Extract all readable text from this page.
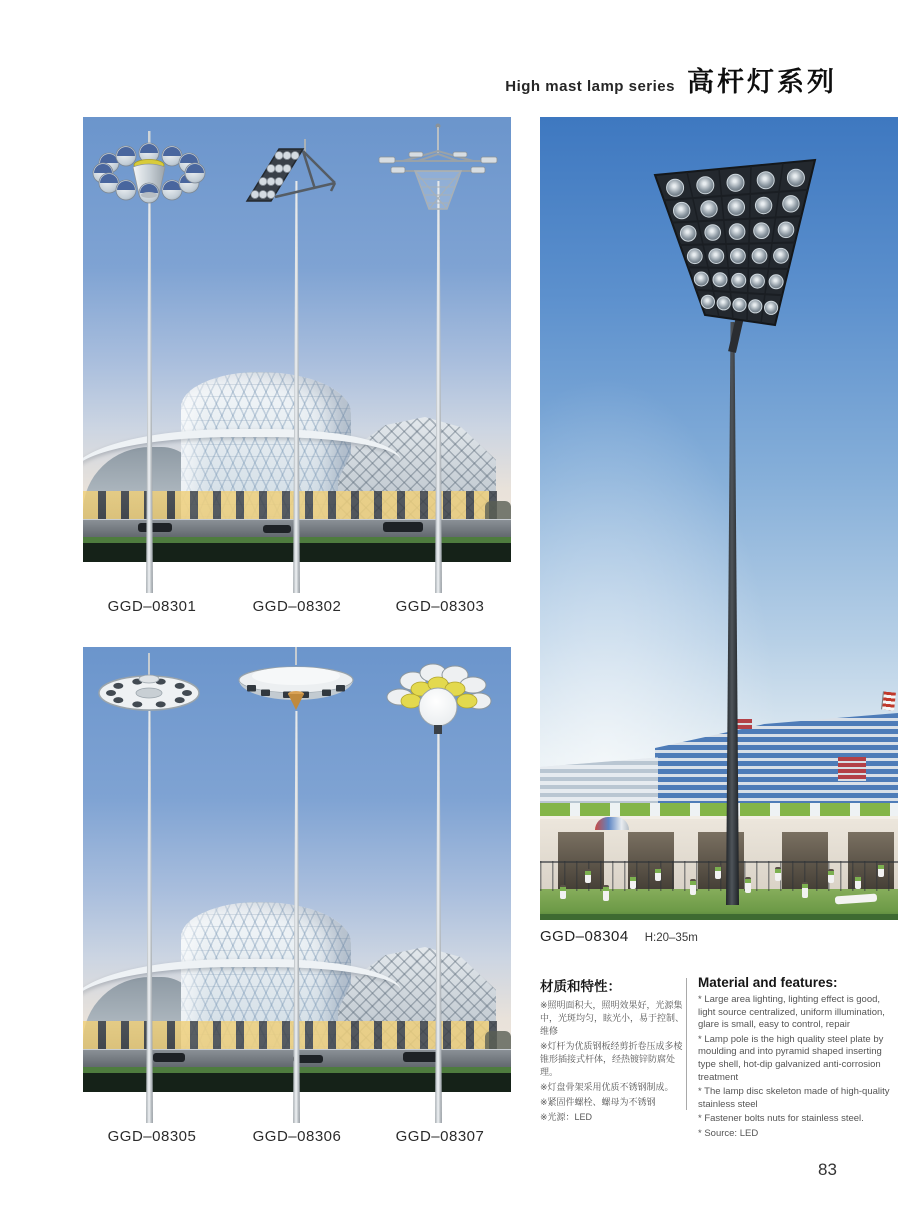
High mast lamp series 高杆灯系列
GGD–08301	GGD–08302	GGD–08303
GGD–08305	GGD–08306	GGD–08307
GGD–08304 H:20–35m
材质和特性：

※照明面积大，照明效果好，光源集中，光斑均匀，眩光小，易于控制、维修

※灯杆为优质钢板经剪折卷压成多棱锥形插接式杆体，经热镀锌防腐处理。

※灯盘骨架采用优质不锈钢制成。

※紧固件螺栓、螺母为不锈钢

※光源：LED

Material and features:

* Large area lighting, lighting effect is good, light source centralized, uniform illumination, glare is small, easy to control, repair

* Lamp pole is the high quality steel plate by moulding and into pyramid shaped inserting type shell, hot-dip galvanized anti-corrosion treatment

* The lamp disc skeleton made of high-quality stainless steel

* Fastener bolts nuts for stainless steel.

* Source: LED

83
